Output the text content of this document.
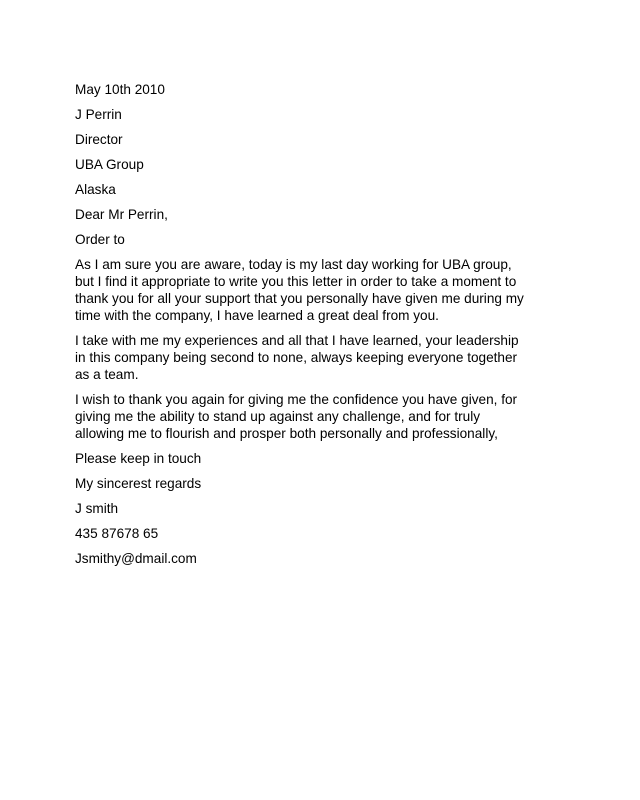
May 10th 2010
J Perrin
Director
UBA Group
Alaska
Dear Mr Perrin,
Order to
As I am sure you are aware, today is my last day working for UBA group,
but I find it appropriate to write you this letter in order to take a moment to
thank you for all your support that you personally have given me during my
time with the company, I have learned a great deal from you.
I take with me my experiences and all that I have learned, your leadership
in this company being second to none, always keeping everyone together
as a team.
I wish to thank you again for giving me the confidence you have given, for
giving me the ability to stand up against any challenge, and for truly
allowing me to flourish and prosper both personally and professionally,
Please keep in touch
My sincerest regards
J smith
435 87678 65
Jsmithy@dmail.com
